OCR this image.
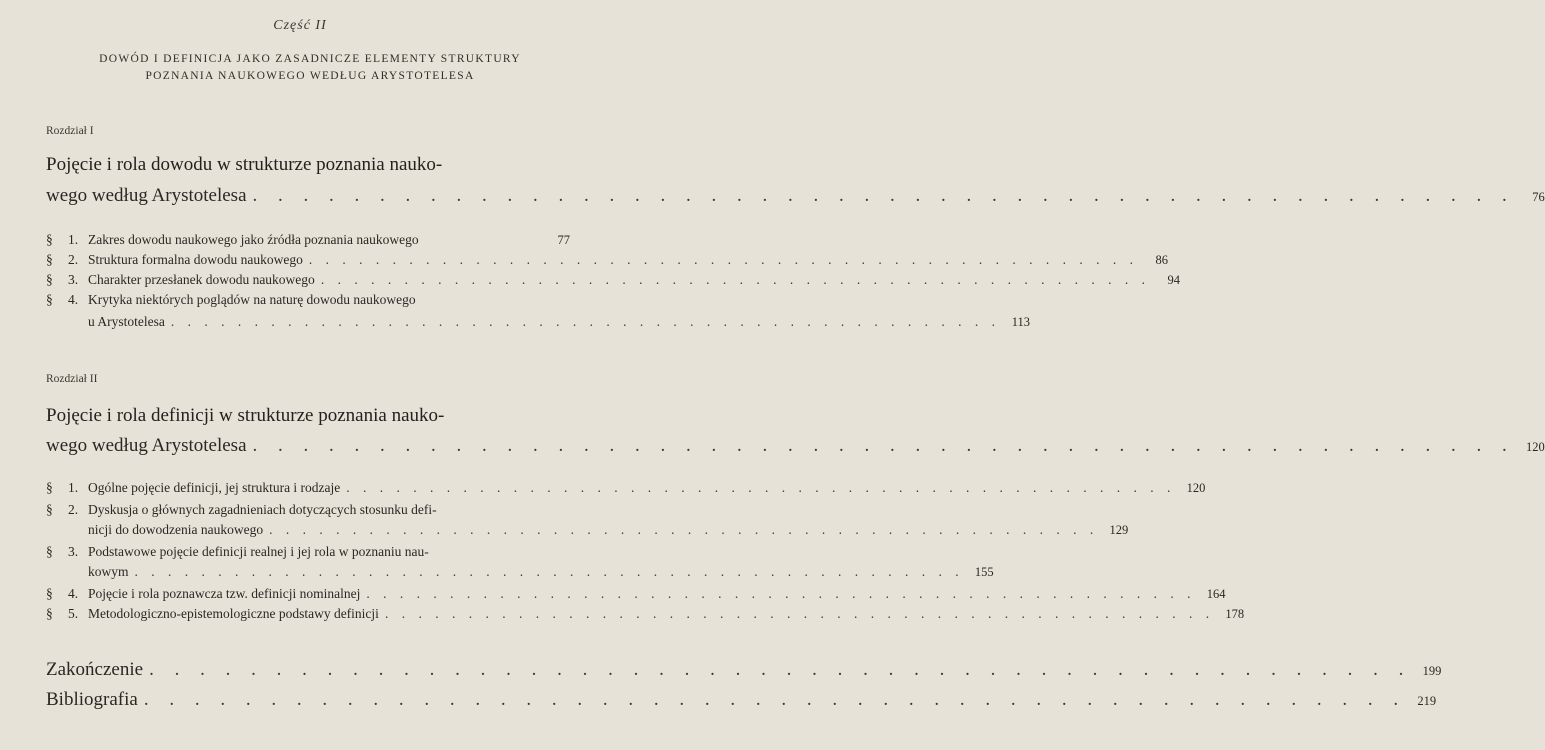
Część II
DOWÓD I DEFINICJA JAKO ZASADNICZE ELEMENTY STRUKTURY
POZNANIA NAUKOWEGO WEDŁUG ARYSTOTELESA
Rozdział I
Pojęcie i rola dowodu w strukturze poznania nauko-
wego według Arystotelesa . . . . . . . . . . . . . . . . . . . . . . . . . . . . . . . . . . . . . . . . . . . . . . . . . .	76
§	1. Zakres dowodu naukowego jako źródła poznania naukowego	77
§	2. Struktura formalna dowodu naukowego . . . . . . . . . . . . . . . . . . . . . . . . . . . . . . . . . . . . . . . . . . . . . . . . . .	86
§	3. Charakter przesłanek dowodu naukowego . . . . . . . . . . . . . . . . . . . . . . . . . . . . . . . . . . . . . . . . . . . . . . . . . .	94
§	4. Krytyka niektórych poglądów na naturę dowodu naukowego
u Arystotelesa . . . . . . . . . . . . . . . . . . . . . . . . . . . . . . . . . . . . . . . . . . . . . . . . . . 113
Rozdział II
Pojęcie i rola definicji w strukturze poznania nauko-
wego według Arystotelesa . . . . . . . . . . . . . . . . . . . . . . . . . . . . . . . . . . . . . . . . . . . . . . . . . . 120
§	1. Ogólne pojęcie definicji, jej struktura i rodzaje . . . . . . . . . . . . . . . . . . . . . . . . . . . . . . . . . . . . . . . . . . . . . . . . . . 120
§	2. Dyskusja o głównych zagadnieniach dotyczących stosunku defi-
nicji do dowodzenia naukowego . . . . . . . . . . . . . . . . . . . . . . . . . . . . . . . . . . . . . . . . . . . . . . . . . . 129
§	3. Podstawowe pojęcie definicji realnej i jej rola w poznaniu nau-
kowym . . . . . . . . . . . . . . . . . . . . . . . . . . . . . . . . . . . . . . . . . . . . . . . . . . 155
§	4. Pojęcie i rola poznawcza tzw. definicji nominalnej . . . . . . . . . . . . . . . . . . . . . . . . . . . . . . . . . . . . . . . . . . . . . . . . . . 164
§	5. Metodologiczno-epistemologiczne podstawy definicji . . . . . . . . . . . . . . . . . . . . . . . . . . . . . . . . . . . . . . . . . . . . . . . . . . 178
Zakończenie . . . . . . . . . . . . . . . . . . . . . . . . . . . . . . . . . . . . . . . . . . . . . . . . . . 199
Bibliografia . . . . . . . . . . . . . . . . . . . . . . . . . . . . . . . . . . . . . . . . . . . . . . . . . . 219
